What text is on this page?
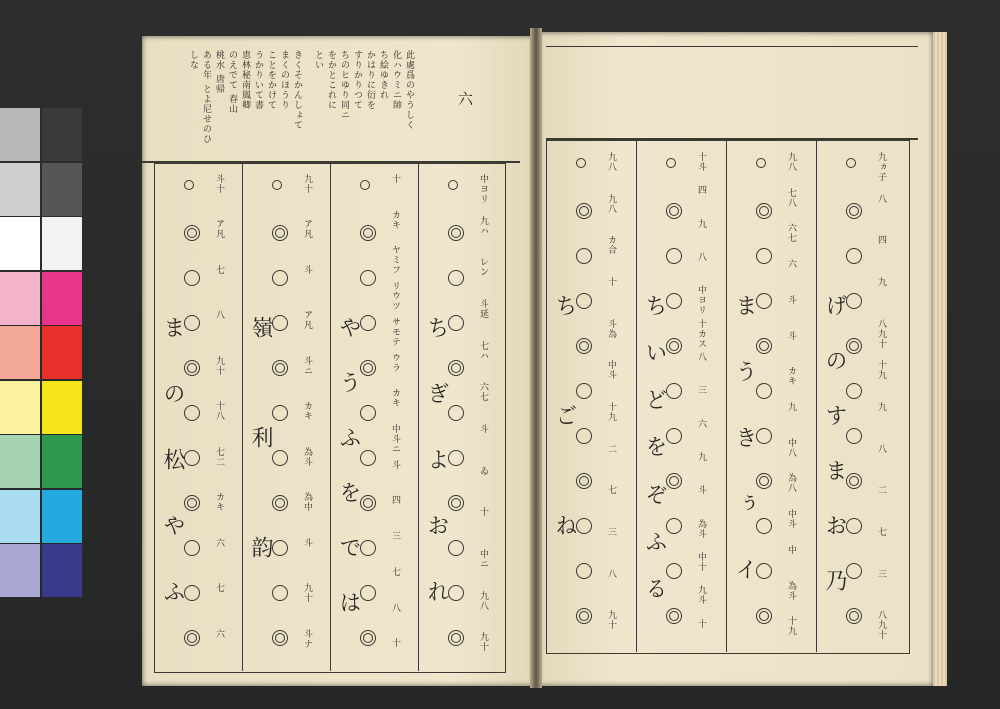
六
此處爲のやうしく
化ハウミニ帥
ち絵ゆきれ
かはりに衍を
すりかりつて
ちのヒゆり同ニ
をかとこれに
とい
きくそかんしょて
まくのほうり
ことをかけて
うかりいて書
恵林秘南鳳卿
のえでて 春山
桃水 唐帰
ある年 とよ尼せのひ
しな
中ヨリ
九ハ
レン
斗延
七ハ
六七
斗
ゐ
十
中ニ
九八
九十
ち
ぎ
よ
お
れ
十
カキ
ヤミフ
リウツ
サモテ
ウラ
カキ
中斗ニ
斗
四
三
七
八
十
や
う
ふ
を
で
は
九十
ア凡
斗
ア凡
斗ニ
カキ
為斗
為中
斗
九十
斗ナ
嶺
利
韵
斗十
ア凡
七
八
九十
十八
七二
カキ
六
七
六
ま
の
松
や
ふ
九ヵ子
八
四
九
八九十
十九
九
八
二
七
三
八九十
げ
の
す
ま
お
乃
九八
七八
六七
六
斗
斗
カキ
九
中八
為八
中斗
中
為斗
十九
ま
う
き
ぅ
イ
十斗
四
九
八
中ヨリ
十カス
八
三
六
九
斗
為斗
中十
九斗
十
ち
い
ど
を
ぞ
ふ
る
九八
九八
カ合
十
斗為
中斗
十九
二
七
三
八
九十
ち
ご
ね
